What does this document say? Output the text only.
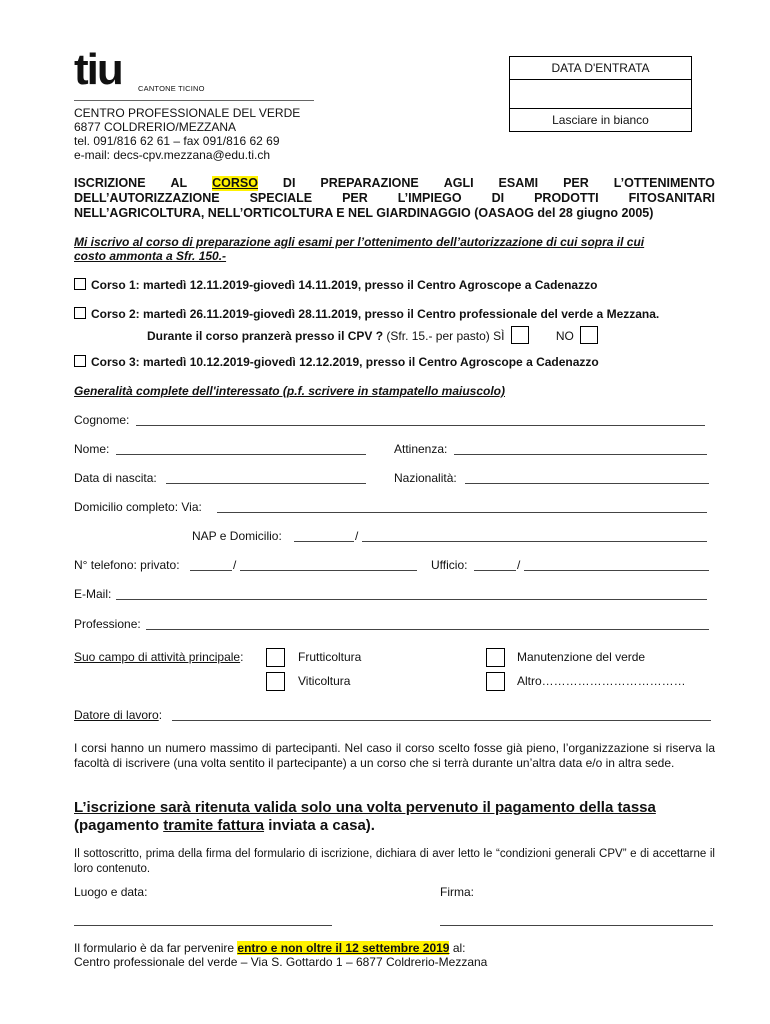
tiu CANTONE TICINO
DATA D'ENTRATA
Lasciare in bianco
CENTRO PROFESSIONALE DEL VERDE
6877 COLDRERIO/MEZZANA
tel. 091/816 62 61 – fax 091/816 62 69
e-mail: decs-cpv.mezzana@edu.ti.ch
ISCRIZIONE AL CORSO DI PREPARAZIONE AGLI ESAMI PER L’OTTENIMENTO
DELL’AUTORIZZAZIONE SPECIALE PER L’IMPIEGO DI PRODOTTI FITOSANITARI
NELL’AGRICOLTURA, NELL’ORTICOLTURA E NEL GIARDINAGGIO (OASAOG del 28 giugno 2005)
Mi iscrivo al corso di preparazione agli esami per l’ottenimento dell’autorizzazione di cui sopra il cui
costo ammonta a Sfr. 150.-
Corso 1: martedì 12.11.2019-giovedì 14.11.2019, presso il Centro Agroscope a Cadenazzo
Corso 2: martedì 26.11.2019-giovedì 28.11.2019, presso il Centro professionale del verde a Mezzana.
Durante il corso pranzerà presso il CPV ? (Sfr. 15.- per pasto) SÌ	NO
Corso 3: martedì 10.12.2019-giovedì 12.12.2019, presso il Centro Agroscope a Cadenazzo
Generalità complete dell'interessato (p.f. scrivere in stampatello maiuscolo)
Cognome:
Nome:	Attinenza:
Data di nascita:	Nazionalità:
Domicilio completo: Via:
NAP e Domicilio:	/
N° telefono: privato:	/	Ufficio:	/
E-Mail:
Professione:
Suo campo di attività principale:	Frutticoltura	Manutenzione del verde
Viticoltura	Altro………………………………
Datore di lavoro:
I corsi hanno un numero massimo di partecipanti. Nel caso il corso scelto fosse già pieno, l’organizzazione si riserva la facoltà di iscrivere (una volta sentito il partecipante) a un corso che si terrà durante un’altra data e/o in altra sede.
L’iscrizione sarà ritenuta valida solo una volta pervenuto il pagamento della tassa
(pagamento tramite fattura inviata a casa).
Il sottoscritto, prima della firma del formulario di iscrizione, dichiara di aver letto le “condizioni generali CPV” e di accettarne il loro contenuto.
Luogo e data:	Firma:
Il formulario è da far pervenire entro e non oltre il 12 settembre 2019 al:
Centro professionale del verde – Via S. Gottardo 1 – 6877 Coldrerio-Mezzana
